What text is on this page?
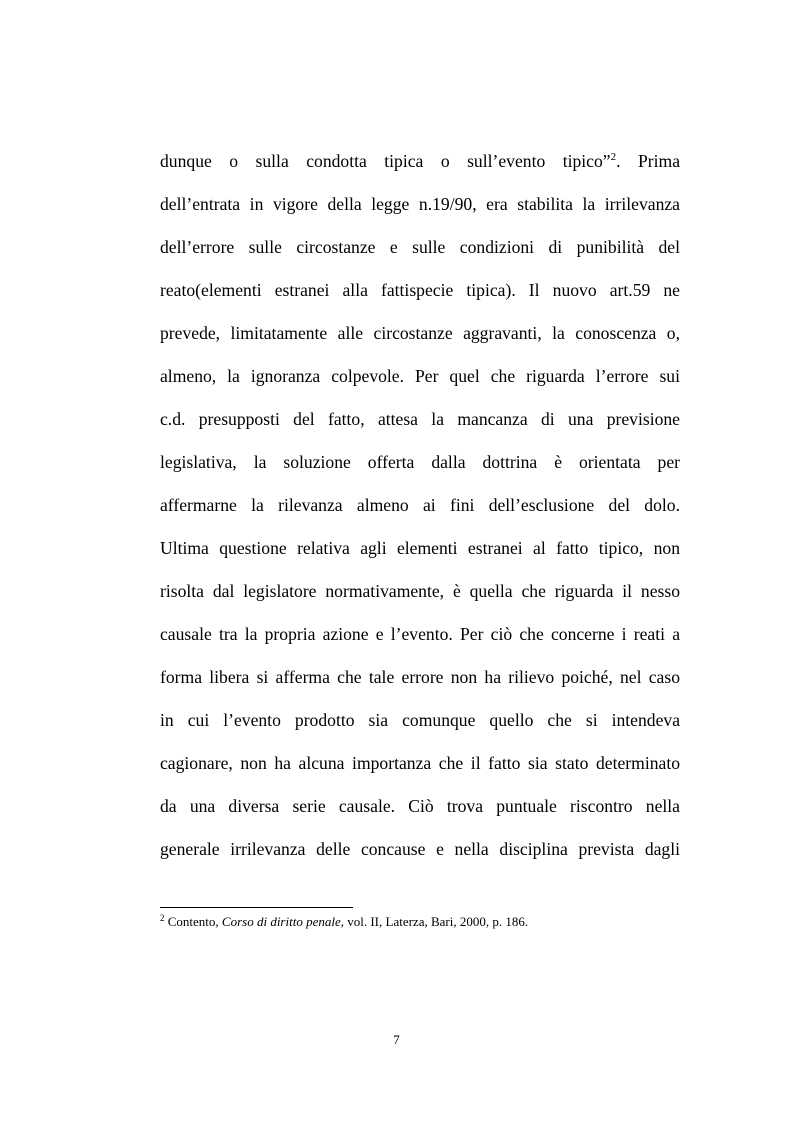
dunque o sulla condotta tipica o sull’evento tipico”$^2$. Prima
dell’entrata in vigore della legge n.19/90, era stabilita la irrilevanza
dell’errore sulle circostanze e sulle condizioni di punibilità del
reato(elementi estranei alla fattispecie tipica). Il nuovo art.59 ne
prevede, limitatamente alle circostanze aggravanti, la conoscenza o,
almeno, la ignoranza colpevole. Per quel che riguarda l’errore sui
c.d. presupposti del fatto, attesa la mancanza di una previsione
legislativa, la soluzione offerta dalla dottrina è orientata per
affermarne la rilevanza almeno ai fini dell’esclusione del dolo.
Ultima questione relativa agli elementi estranei al fatto tipico, non
risolta dal legislatore normativamente, è quella che riguarda il nesso
causale tra la propria azione e l’evento. Per ciò che concerne i reati a
forma libera si afferma che tale errore non ha rilievo poiché, nel caso
in cui l’evento prodotto sia comunque quello che si intendeva
cagionare, non ha alcuna importanza che il fatto sia stato determinato
da una diversa serie causale. Ciò trova puntuale riscontro nella
generale irrilevanza delle concause e nella disciplina prevista dagli
$^2$ Contento, Corso di diritto penale, vol. II, Laterza, Bari, 2000, p. 186.
7
